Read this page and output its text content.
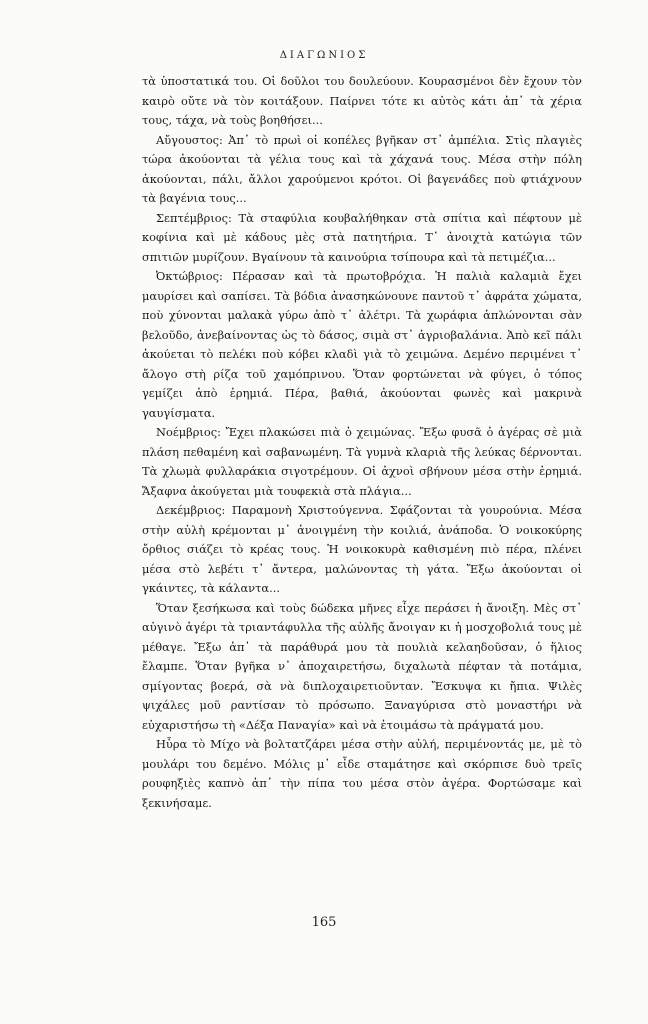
ΔΙΑΓΩΝΙΟΣ

τὰ ὑποστατικά του. Οἱ δοῦλοι του δουλεύουν. Κουρασμένοι δὲν ἔχουν τὸν καιρὸ οὔτε νὰ τὸν κοιτάξουν. Παίρνει τότε κι αὐτὸς κάτι ἀπ᾿ τὰ χέρια τους, τάχα, νὰ τοὺς βοηθήσει...

Αὔγουστος: Ἀπ᾿ τὸ πρωὶ οἱ κοπέλες βγῆκαν στ᾿ ἀμπέλια. Στὶς πλαγιὲς τώρα ἀκούονται τὰ γέλια τους καὶ τὰ χάχανά τους. Μέσα στὴν πόλη ἀκούονται, πάλι, ἄλλοι χαρούμενοι κρότοι. Οἱ βαγενάδες ποὺ φτιάχνουν τὰ βαγένια τους...

Σεπτέμβριος: Τὰ σταφύλια κουβαλήθηκαν στὰ σπίτια καὶ πέφτουν μὲ κοφίνια καὶ μὲ κάδους μὲς στὰ πατητήρια. Τ᾿ ἀνοιχτὰ κατώγια τῶν σπιτιῶν μυρίζουν. Βγαίνουν τὰ καινούρια τσίπουρα καὶ τὰ πετιμέζια...

Ὀκτώβριος: Πέρασαν καὶ τὰ πρωτοβρόχια. Ἡ παλιὰ καλαμιὰ ἔχει μαυρίσει καὶ σαπίσει. Τὰ βόδια ἀνασηκώνουνε παντοῦ τ᾿ ἀφράτα χώματα, ποὺ χύνονται μαλακὰ γύρω ἀπὸ τ᾿ ἀλέτρι. Τὰ χωράφια ἁπλώνονται σὰν βελοῦδο, ἀνεβαίνοντας ὡς τὸ δάσος, σιμὰ στ᾿ ἀγριοβαλάνια. Ἀπὸ κεῖ πάλι ἀκούεται τὸ πελέκι ποὺ κόβει κλαδὶ γιὰ τὸ χειμώνα. Δεμένο περιμένει τ᾿ ἄλογο στὴ ρίζα τοῦ χαμόπρινου. Ὅταν φορτώνεται νὰ φύγει, ὁ τόπος γεμίζει ἀπὸ ἐρημιά. Πέρα, βαθιά, ἀκούονται φωνὲς καὶ μακρινὰ γαυγίσματα.

Νοέμβριος: Ἔχει πλακώσει πιὰ ὁ χειμώνας. Ἔξω φυσᾶ ὁ ἀγέρας σὲ μιὰ πλάση πεθαμένη καὶ σαβανωμένη. Τὰ γυμνὰ κλαριὰ τῆς λεύκας δέρνονται. Τὰ χλωμὰ φυλλαράκια σιγοτρέμουν. Οἱ ἀχνοὶ σβήνουν μέσα στὴν ἐρημιά. Ἄξαφνα ἀκούγεται μιὰ τουφεκιὰ στὰ πλάγια...

Δεκέμβριος: Παραμονὴ Χριστούγεννα. Σφάζονται τὰ γουρούνια. Μέσα στὴν αὐλὴ κρέμονται μ᾿ ἀνοιγμένη τὴν κοιλιά, ἀνάποδα. Ὁ νοικοκύρης ὄρθιος σιάζει τὸ κρέας τους. Ἡ νοικοκυρὰ καθισμένη πιὸ πέρα, πλένει μέσα στὸ λεβέτι τ᾿ ἄντερα, μαλώνοντας τὴ γάτα. Ἔξω ἀκούονται οἱ γκάιντες, τὰ κάλαντα...

Ὅταν ξεσήκωσα καὶ τοὺς δώδεκα μῆνες εἶχε περάσει ἡ ἄνοιξη. Μὲς στ᾿ αὐγινὸ ἀγέρι τὰ τριαντάφυλλα τῆς αὐλῆς ἄνοιγαν κι ἡ μοσχοβολιά τους μὲ μέθαγε. Ἔξω ἀπ᾿ τὰ παράθυρά μου τὰ πουλιὰ κελαηδοῦσαν, ὁ ἥλιος ἔλαμπε. Ὅταν βγῆκα ν᾿ ἀποχαιρετήσω, διχαλωτὰ πέφταν τὰ ποτάμια, σμίγοντας βοερά, σὰ νὰ διπλοχαιρετιοῦνταν. Ἔσκυψα κι ἤπια. Ψιλὲς ψιχάλες μοῦ ραντίσαν τὸ πρόσωπο. Ξαναγύρισα στὸ μοναστήρι νὰ εὐχαριστήσω τὴ «Δέξα Παναγία» καὶ νὰ ἑτοιμάσω τὰ πράγματά μου.

Ηὗρα τὸ Μίχο νὰ βολτατζάρει μέσα στὴν αὐλή, περιμένοντάς με, μὲ τὸ μουλάρι του δεμένο. Μόλις μ᾿ εἶδε σταμάτησε καὶ σκόρπισε δυὸ τρεῖς ρουφηξιὲς καπνὸ ἀπ᾿ τὴν πίπα του μέσα στὸν ἀγέρα. Φορτώσαμε καὶ ξεκινήσαμε.

165
